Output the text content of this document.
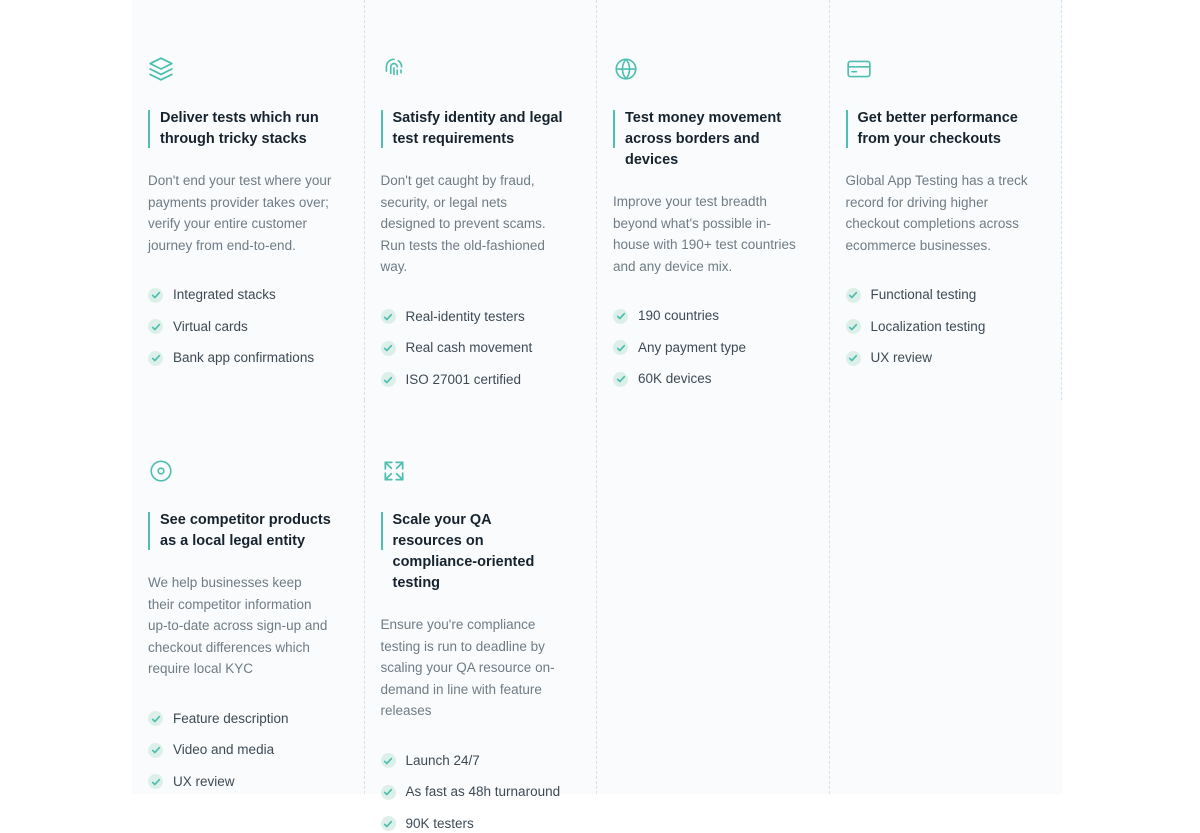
Deliver tests which run through tricky stacks

Don't end your test where your payments provider takes over; verify your entire customer journey from end-to-end.

Integrated stacks
Virtual cards
Bank app confirmations
Satisfy identity and legal test requirements

Don't get caught by fraud, security, or legal nets designed to prevent scams. Run tests the old-fashioned way.

Real-identity testers
Real cash movement
ISO 27001 certified
Test money movement across borders and devices

Improve your test breadth beyond what's possible in-house with 190+ test countries and any device mix.

190 countries
Any payment type
60K devices
Get better performance from your checkouts

Global App Testing has a treck record for driving higher checkout completions across ecommerce businesses.

Functional testing
Localization testing
UX review
See competitor products as a local legal entity

We help businesses keep their competitor information up-to-date across sign-up and checkout differences which require local KYC

Feature description
Video and media
UX review
Scale your QA resources on compliance-oriented testing

Ensure you're compliance testing is run to deadline by scaling your QA resource on-demand in line with feature releases

Launch 24/7
As fast as 48h turnaround
90K testers
